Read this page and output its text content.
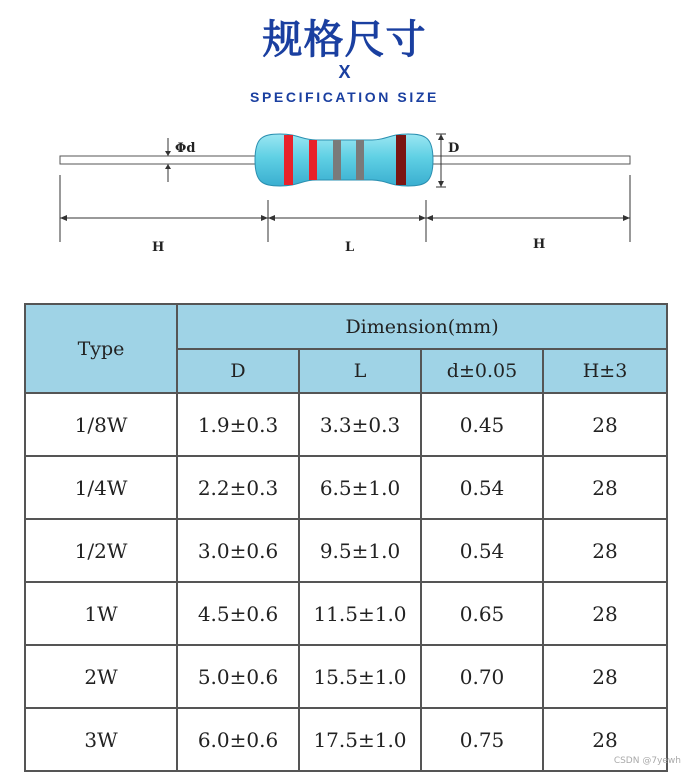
规格尺寸
X
SPECIFICATION SIZE
Φd	D
H	L	H
Type	Dimension(mm)			
	D	L	d±0.05	H±3
1/8W	1.9±0.3	3.3±0.3	0.45	28
1/4W	2.2±0.3	6.5±1.0	0.54	28
1/2W	3.0±0.6	9.5±1.0	0.54	28
1W	4.5±0.6	11.5±1.0	0.65	28
2W	5.0±0.6	15.5±1.0	0.70	28
3W	6.0±0.6	17.5±1.0	0.75	28
CSDN @7yewh
